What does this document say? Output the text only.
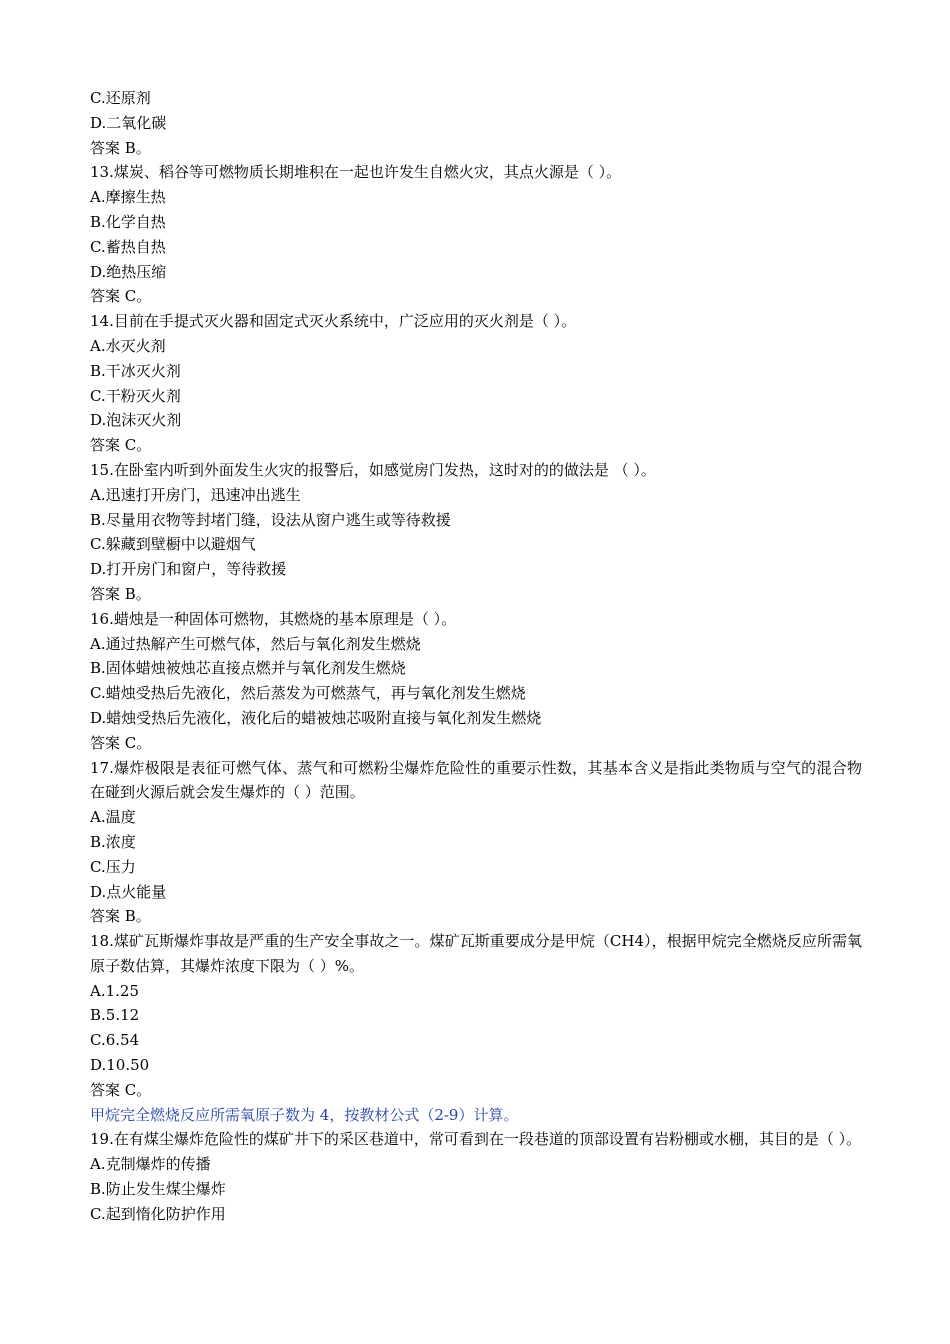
C.还原剂
D.二氧化碳
答案 B。
13.煤炭、稻谷等可燃物质长期堆积在一起也许发生自燃火灾，其点火源是（ ）。
A.摩擦生热
B.化学自热
C.蓄热自热
D.绝热压缩
答案 C。
14.目前在手提式灭火器和固定式灭火系统中，广泛应用的灭火剂是（ ）。
A.水灭火剂
B.干冰灭火剂
C.干粉灭火剂
D.泡沫灭火剂
答案 C。
15.在卧室内听到外面发生火灾的报警后，如感觉房门发热，这时对的的做法是 （ ）。
A.迅速打开房门，迅速冲出逃生
B.尽量用衣物等封堵门缝，设法从窗户逃生或等待救援
C.躲藏到壁橱中以避烟气
D.打开房门和窗户，等待救援
答案 B。
16.蜡烛是一种固体可燃物，其燃烧的基本原理是（ ）。
A.通过热解产生可燃气体，然后与氧化剂发生燃烧
B.固体蜡烛被烛芯直接点燃并与氧化剂发生燃烧
C.蜡烛受热后先液化，然后蒸发为可燃蒸气，再与氧化剂发生燃烧
D.蜡烛受热后先液化，液化后的蜡被烛芯吸附直接与氧化剂发生燃烧
答案 C。
17.爆炸极限是表征可燃气体、蒸气和可燃粉尘爆炸危险性的重要示性数，其基本含义是指此类物质与空气的混合物在碰到火源后就会发生爆炸的（ ）范围。
A.温度
B.浓度
C.压力
D.点火能量
答案 B。
18.煤矿瓦斯爆炸事故是严重的生产安全事故之一。煤矿瓦斯重要成分是甲烷（CH4），根据甲烷完全燃烧反应所需氧原子数估算，其爆炸浓度下限为（ ）%。
A.1.25
B.5.12
C.6.54
D.10.50
答案 C。
甲烷完全燃烧反应所需氧原子数为 4，按教材公式（2-9）计算。
19.在有煤尘爆炸危险性的煤矿井下的采区巷道中，常可看到在一段巷道的顶部设置有岩粉棚或水棚，其目的是（ ）。
A.克制爆炸的传播
B.防止发生煤尘爆炸
C.起到惰化防护作用
